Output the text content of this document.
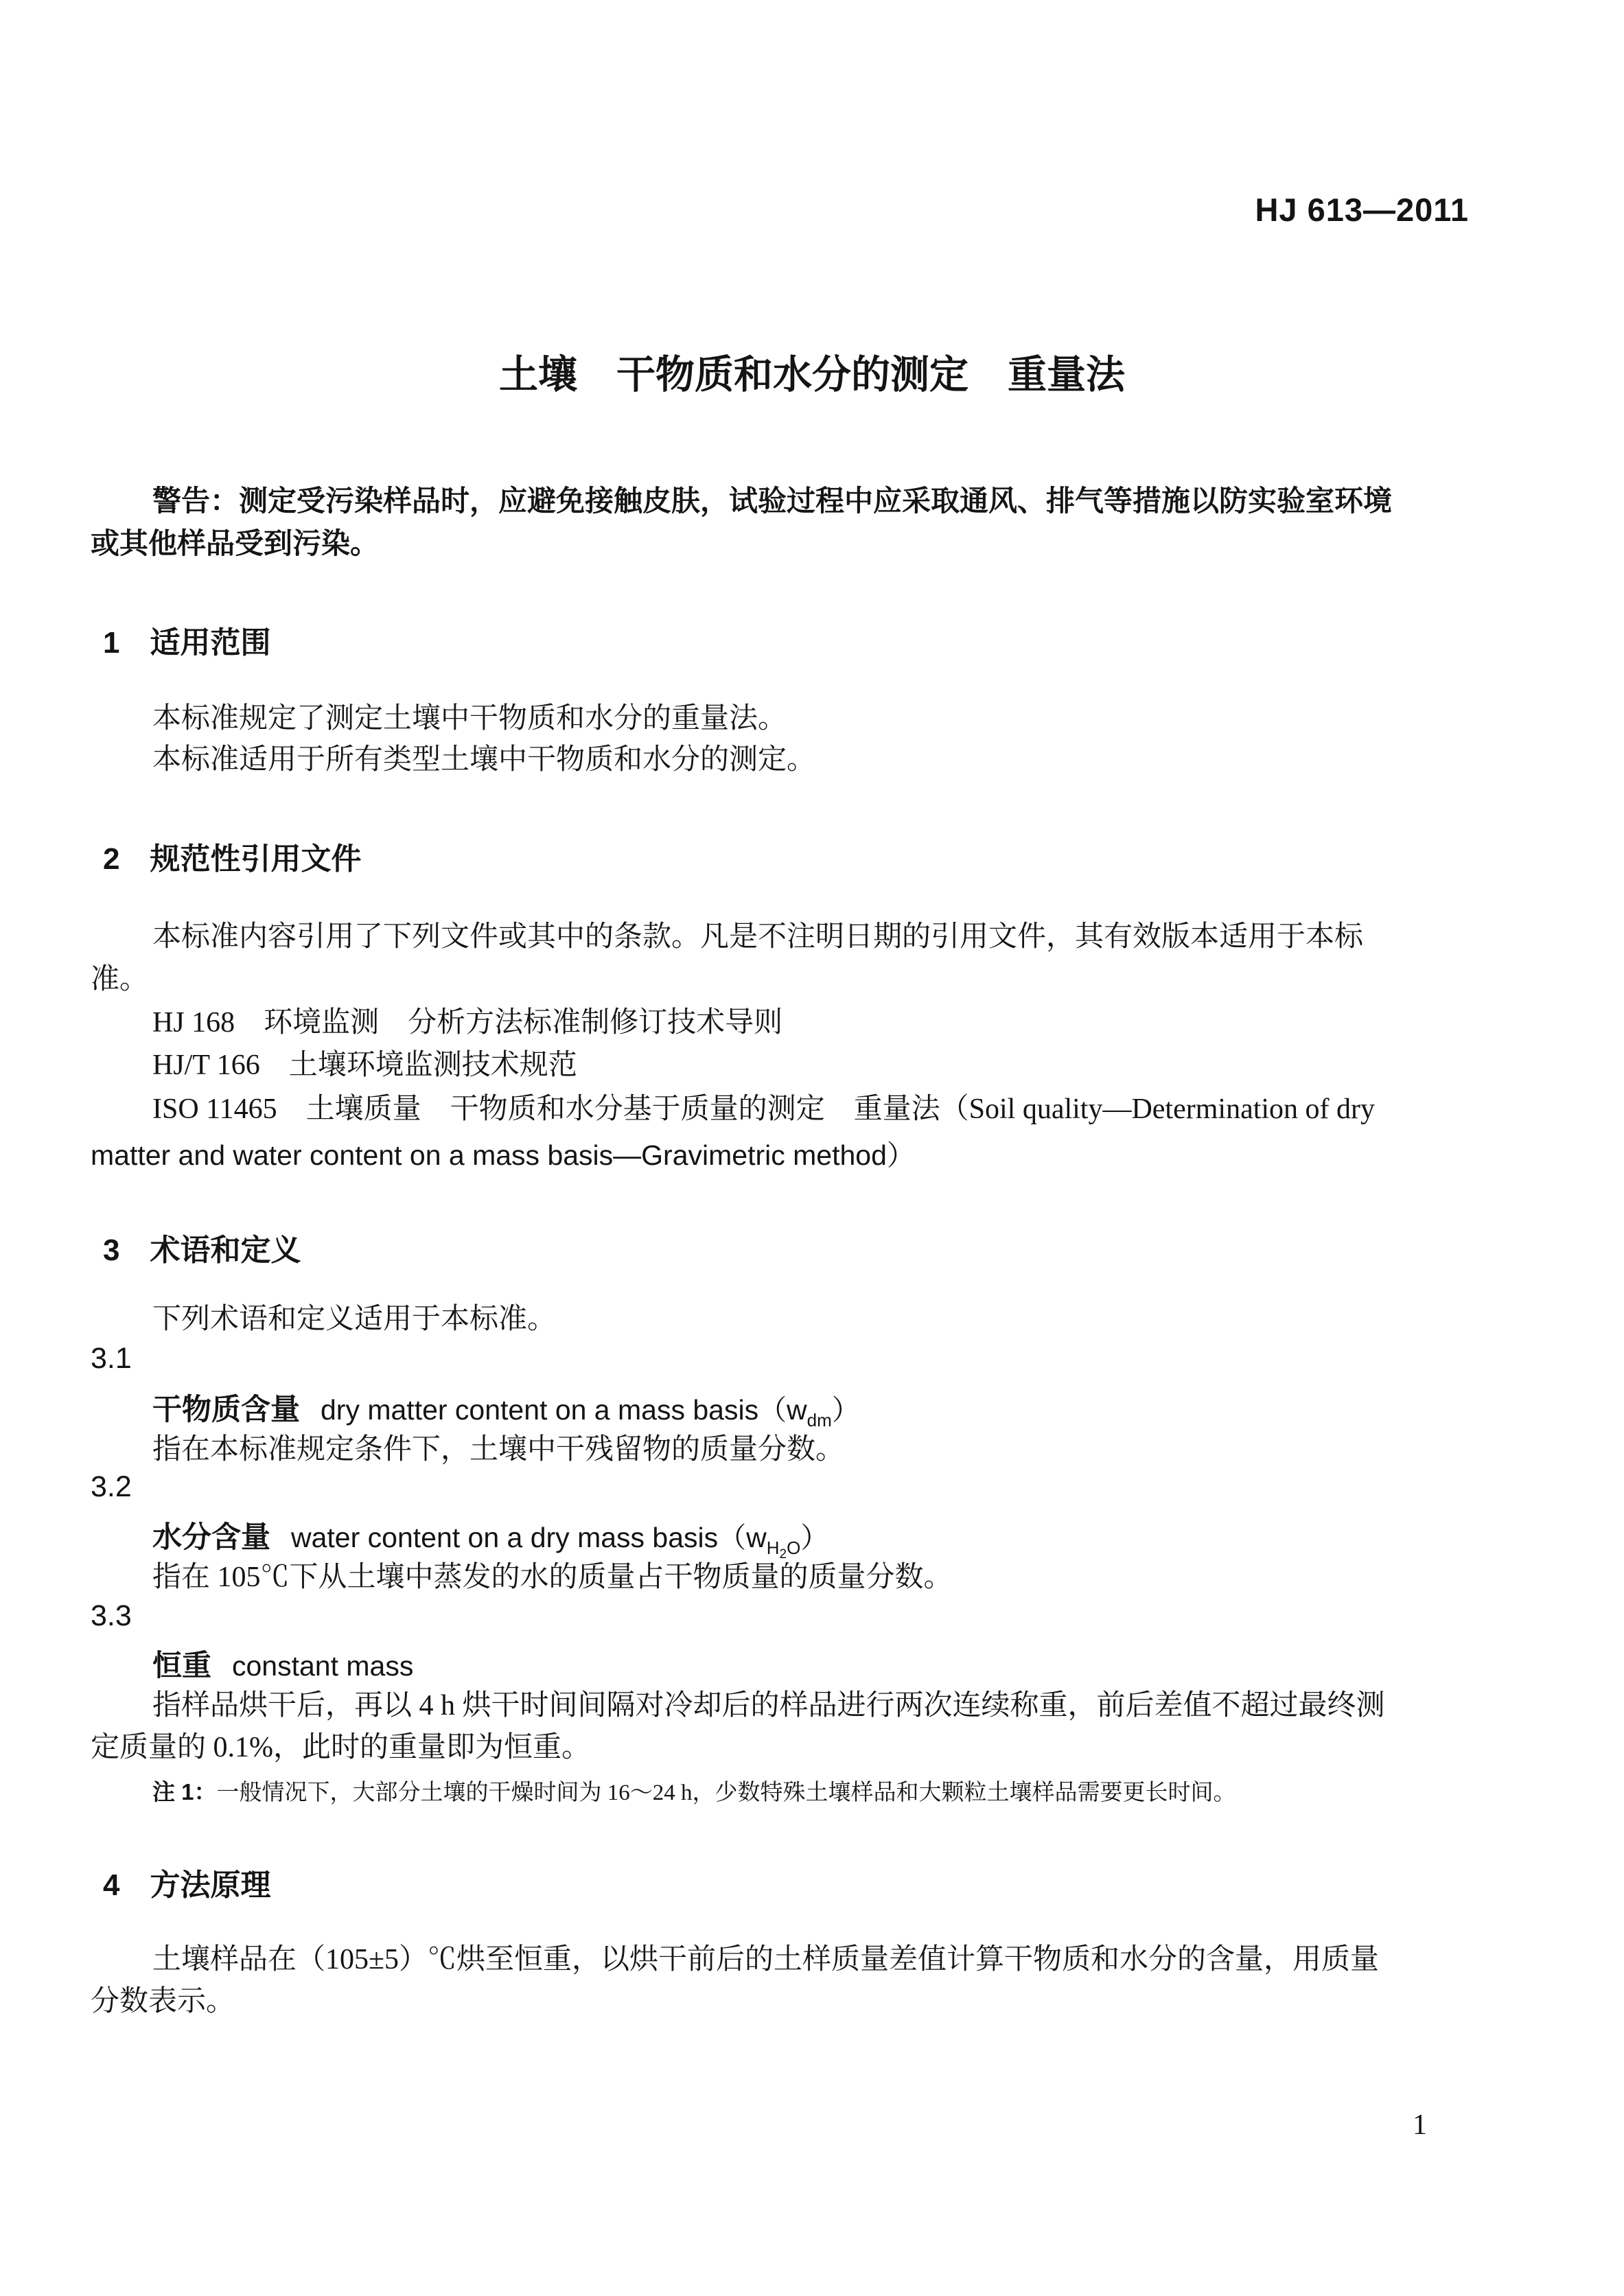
HJ 613—2011
土壤　干物质和水分的测定　重量法
警告：测定受污染样品时，应避免接触皮肤，试验过程中应采取通风、排气等措施以防实验室环境
或其他样品受到污染。
1　适用范围
本标准规定了测定土壤中干物质和水分的重量法。
本标准适用于所有类型土壤中干物质和水分的测定。
2　规范性引用文件
本标准内容引用了下列文件或其中的条款。凡是不注明日期的引用文件，其有效版本适用于本标
准。
HJ 168　环境监测　分析方法标准制修订技术导则
HJ/T 166　土壤环境监测技术规范
ISO 11465　土壤质量　干物质和水分基于质量的测定　重量法（Soil quality—Determination of dry
matter and water content on a mass basis—Gravimetric method）
3　术语和定义
下列术语和定义适用于本标准。
3.1
干物质含量 dry matter content on a mass basis（wdm）
指在本标准规定条件下，土壤中干残留物的质量分数。
3.2
水分含量 water content on a dry mass basis（wH2O）
指在 105℃下从土壤中蒸发的水的质量占干物质量的质量分数。
3.3
恒重 constant mass
指样品烘干后，再以 4 h 烘干时间间隔对冷却后的样品进行两次连续称重，前后差值不超过最终测
定质量的 0.1%，此时的重量即为恒重。
注 1：一般情况下，大部分土壤的干燥时间为 16～24 h，少数特殊土壤样品和大颗粒土壤样品需要更长时间。
4　方法原理
土壤样品在（105±5）℃烘至恒重，以烘干前后的土样质量差值计算干物质和水分的含量，用质量
分数表示。
1
